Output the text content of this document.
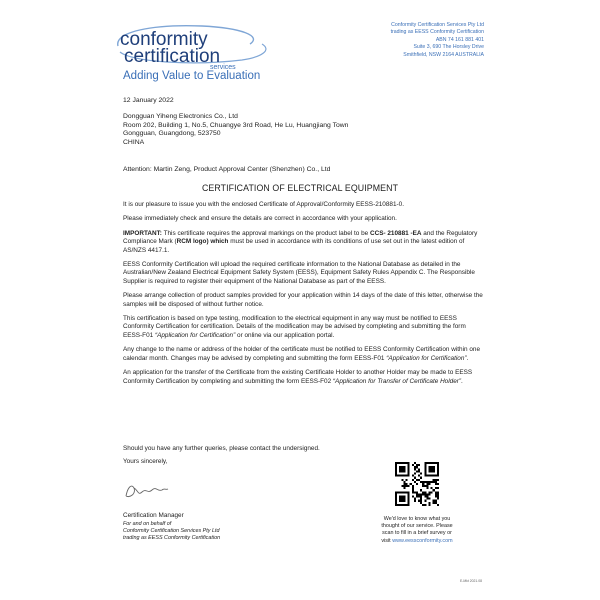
conformity
certification
services
Adding Value to Evaluation
Conformity Certification Services Pty Ltd
trading as EESS Conformity Certification
ABN 74 161 881 401
Suite 3, 690 The Horsley Drive
Smithfield, NSW 2164 AUSTRALIA
12 January 2022
Dongguan Yiheng Electronics Co., Ltd
Room 202, Building 1, No.5, Chuangye 3rd Road, He Lu, Huangjiang Town
Gongguan, Guangdong, 523750
CHINA
Attention: Martin Zeng, Product Approval Center (Shenzhen) Co., Ltd
CERTIFICATION OF ELECTRICAL EQUIPMENT

It is our pleasure to issue you with the enclosed Certificate of Approval/Conformity EESS-210881-0.

Please immediately check and ensure the details are correct in accordance with your application.

IMPORTANT: This certificate requires the approval markings on the product label to be CCS- 210881 -EA and the Regulatory Compliance Mark (RCM logo) which must be used in accordance with its conditions of use set out in the latest edition of AS/NZS 4417.1.

EESS Conformity Certification will upload the required certificate information to the National Database as detailed in the Australian/New Zealand Electrical Equipment Safety System (EESS), Equipment Safety Rules Appendix C. The Responsible Supplier is required to register their equipment of the National Database as part of the EESS.

Please arrange collection of product samples provided for your application within 14 days of the date of this letter, otherwise the samples will be disposed of without further notice.

This certification is based on type testing, modification to the electrical equipment in any way must be notified to EESS Conformity Certification for certification. Details of the modification may be advised by completing and submitting the form EESS-F01 “Application for Certification” or online via our application portal.

Any change to the name or address of the holder of the certificate must be notified to EESS Conformity Certification within one calendar month. Changes may be advised by completing and submitting the form EESS-F01 “Application for Certification”.

An application for the transfer of the Certificate from the existing Certificate Holder to another Holder may be made to EESS Conformity Certification by completing and submitting the form EESS-F02 “Application for Transfer of Certificate Holder”.

Should you have any further queries, please contact the undersigned.
Yours sincerely,
Certification Manager
For and on behalf of
Conformity Certification Services Pty Ltd
trading as EESS Conformity Certification
We'd love to know what you
thought of our service. Please
scan to fill in a brief survey or
visit www.eessconformity.com
E-Mkt 2021.08
